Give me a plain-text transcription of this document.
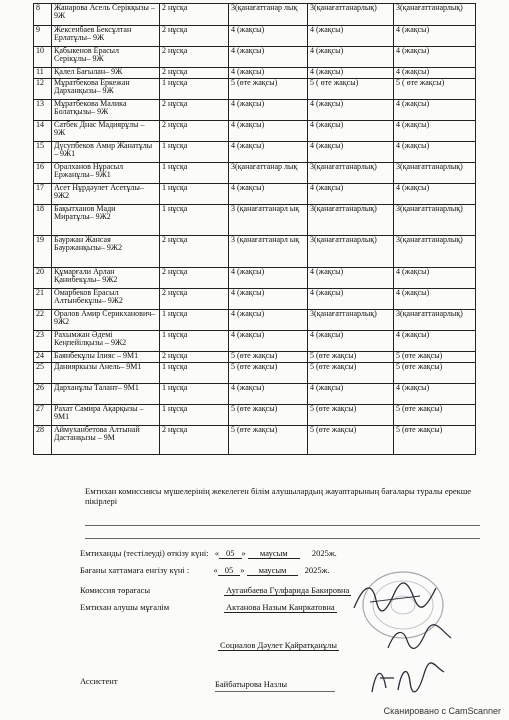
8	Жанарова Асель Серікқызы – 9Ж	2 нұсқа	3(қанағаттанар лық	3(қанағаттанарлық)	3(қанағаттанарлық)
9	Жексенбаев Бексұлтан Ерлатұлы– 9Ж	2 нұсқа	4 (жақсы)	4 (жақсы)	4 (жақсы)
10	Қабыкенов Ерасыл Серікұлы– 9Ж	2 нұсқа	4 (жақсы)	4 (жақсы)	4 (жақсы)
11	Қалел Бағылан– 9Ж	2 нұсқа	4 (жақсы)	4 (жақсы)	4 (жақсы)
12	Мұратбекова Еркежан Дарханқызы– 9Ж	1 нұсқа	5 (өте жақсы)	5 ( өте жақсы)	5 ( өте жақсы)
13	Мұратбекова Малика Болатқызы– 9Ж	2 нұсқа	4 (жақсы)	4 (жақсы)	4 (жақсы)
14	Сатбек Днас Мадиярұлы – 9Ж	2 нұсқа	4 (жақсы)	4 (жақсы)	4 (жақсы)
15	Дүсупбеков Амир Жанатұлы – 9Ж1	1 нұсқа	4 (жақсы)	4 (жақсы)	4 (жақсы)
16	Оралханов Нұрасыл Ержанұлы– 9Ж1	1 нұсқа	3(қанағаттанар лық	3(қанағаттанарлық)	3(қанағаттанарлық)
17	Асет Нұрдәулет Асетұлы– 9Ж2	1 нұсқа	4 (жақсы)	4 (жақсы)	4 (жақсы)
18	Бақытханов Мади Миратұлы– 9Ж2	1 нұсқа	3 (қанағаттанарл ық	3(қанағаттанарлық)	3(қанағаттанарлық)
19	Бауржан Жансая Бауржанқызы– 9Ж2	2 нұсқа	3 (қанағаттанарл ық	3(қанағаттанарлық)	3(қанағаттанарлық)
20	Құмарғали Арлан Қанибекұлы– 9Ж2	2 нұсқа	4 (жақсы)	4 (жақсы)	4 (жақсы)
21	Омарбеков Ерасыл Алтынбекұлы– 9Ж2	2 нұсқа	4 (жақсы)	4 (жақсы)	4 (жақсы)
22	Оралов Амир Серикханович– 9Ж2	1 нұсқа	4 (жақсы)	3(қанағаттанарлық)	3(қанағаттанарлық)
23	Рахымжан Әдемі Кеңпейілқызы – 9Ж2	1 нұсқа	4 (жақсы)	4 (жақсы)	4 (жақсы)
24	Баянбекұлы Ілияс – 9М1	2 нұсқа	5 (өте жақсы)	5 (өте жақсы)	5 (өте жақсы)
25	Данияркызы Анель– 9М1	1 нұсқа	5 (өте жақсы)	5 (өте жақсы)	5 (өте жақсы)
26	Дарханұлы Талант– 9М1	1 нұсқа	4 (жақсы)	4 (жақсы)	4 (жақсы)
27	Рахат Самира Ақарқызы – 9М1	1 нұсқа	5 (өте жақсы)	5 (өте жақсы)	5 (өте жақсы)
28	Аймуханбетова Алтынай Дастанқызы – 9М	2 нұсқа	5 (өте жақсы)	5 (өте жақсы)	5 (өте жақсы)
Емтихан комиссиясы мүшелерінің жекелеген білім алушылардың жауаптарының бағалары туралы ерекше пікірлері
Емтиханды (тестілеуді) өткізу күні: « 05 » маусым	2025ж.
Бағаны хаттамаға енгізу күні :	« 05 » маусым 2025ж.
Комиссия төрағасы	Ауганбаева Гүлфарида Бакировна
Емтихан алушы мұғалім	Актанова Назым Канркатовна
Социалов Дәулет Қайратқанұлы
Ассистент	Байбатырова Назлы
Сканировано с CamScanner
